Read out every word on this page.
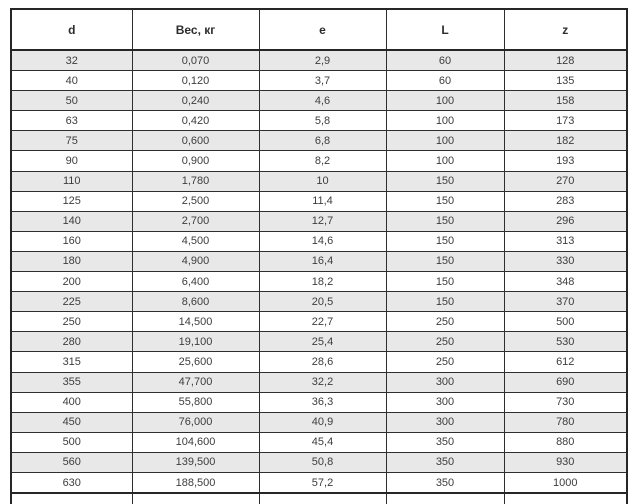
d	Вес, кг	e	L	z
32	0,070	2,9	60	128
40	0,120	3,7	60	135
50	0,240	4,6	100	158
63	0,420	5,8	100	173
75	0,600	6,8	100	182
90	0,900	8,2	100	193
110	1,780	10	150	270
125	2,500	11,4	150	283
140	2,700	12,7	150	296
160	4,500	14,6	150	313
180	4,900	16,4	150	330
200	6,400	18,2	150	348
225	8,600	20,5	150	370
250	14,500	22,7	250	500
280	19,100	25,4	250	530
315	25,600	28,6	250	612
355	47,700	32,2	300	690
400	55,800	36,3	300	730
450	76,000	40,9	300	780
500	104,600	45,4	350	880
560	139,500	50,8	350	930
630	188,500	57,2	350	1000
